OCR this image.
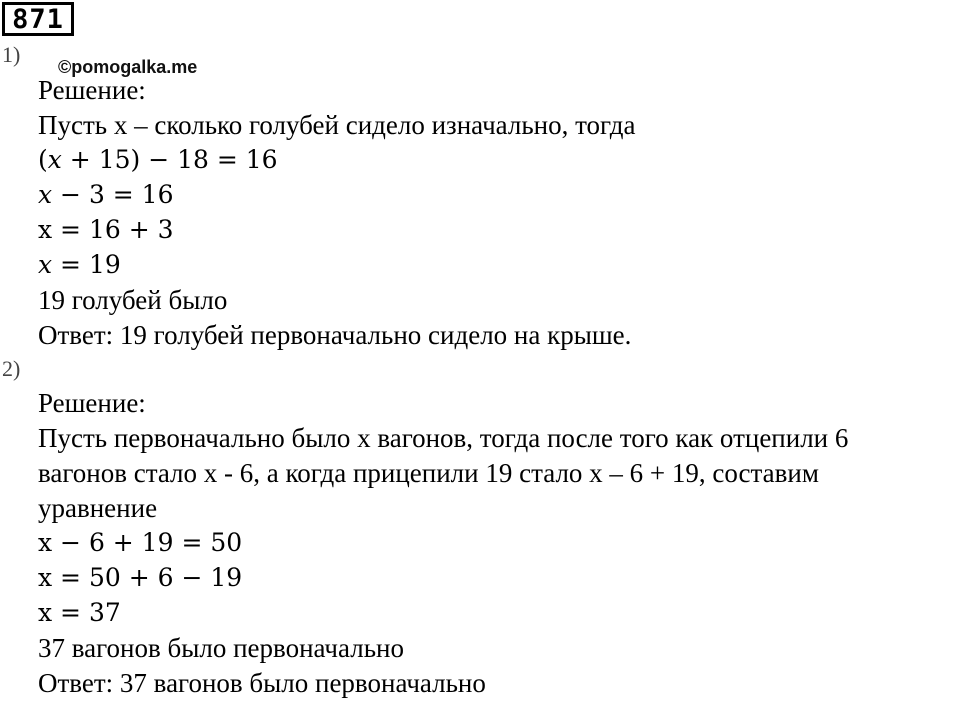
871
1) ©pomogalka.me
Решение:
Пусть x – сколько голубей сидело изначально, тогда
(𝑥 + 15) − 18 = 16
𝑥 − 3 = 16
x = 16 + 3
𝑥 = 19
19 голубей было
Ответ: 19 голубей первоначально сидело на крыше.
2)
Решение:
Пусть первоначально было x вагонов, тогда после того как отцепили 6
вагонов стало x - 6, а когда прицепили 19 стало x – 6 + 19, составим
уравнение
x − 6 + 19 = 50
x = 50 + 6 − 19
x = 37
37 вагонов было первоначально
Ответ: 37 вагонов было первоначально
